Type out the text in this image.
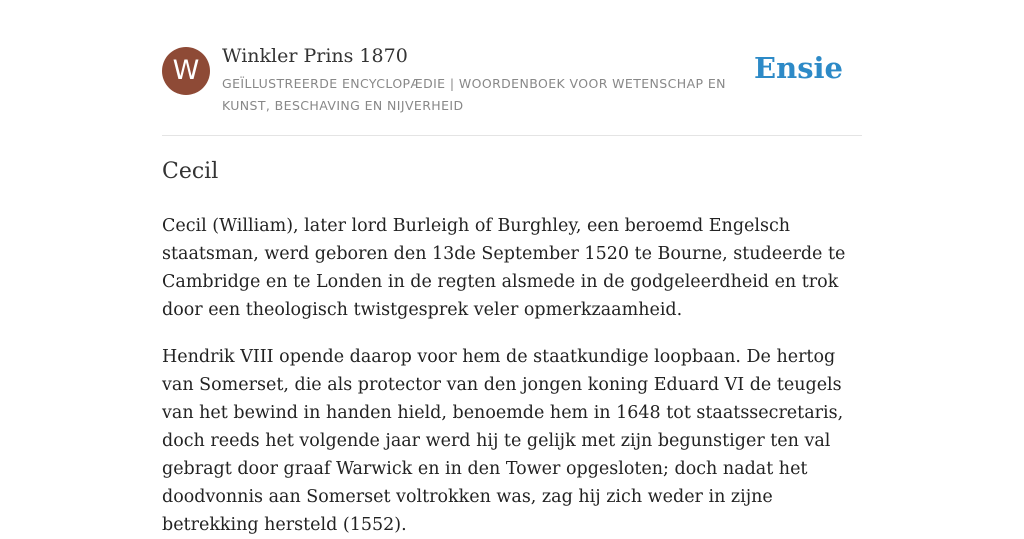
W	Winkler Prins 1870
GEÏLLUSTREERDE ENCYCLOPÆDIE | WOORDENBOEK VOOR WETENSCHAP EN KUNST, BESCHAVING EN NIJVERHEID
Ensie
Cecil

Cecil (William), later lord Burleigh of Burghley, een beroemd Engelsch staatsman, werd geboren den 13de September 1520 te Bourne, studeerde te Cambridge en te Londen in de regten alsmede in de godgeleerdheid en trok door een theologisch twistgesprek veler opmerkzaamheid.

Hendrik VIII opende daarop voor hem de staatkundige loopbaan. De hertog van Somerset, die als protector van den jongen koning Eduard VI de teugels van het bewind in handen hield, benoemde hem in 1648 tot staatssecretaris, doch reeds het volgende jaar werd hij te gelijk met zijn begunstiger ten val gebragt door graaf Warwick en in den Tower opgesloten; doch nadat het doodvonnis aan Somerset voltrokken was, zag hij zich weder in zijne betrekking hersteld (1552).
